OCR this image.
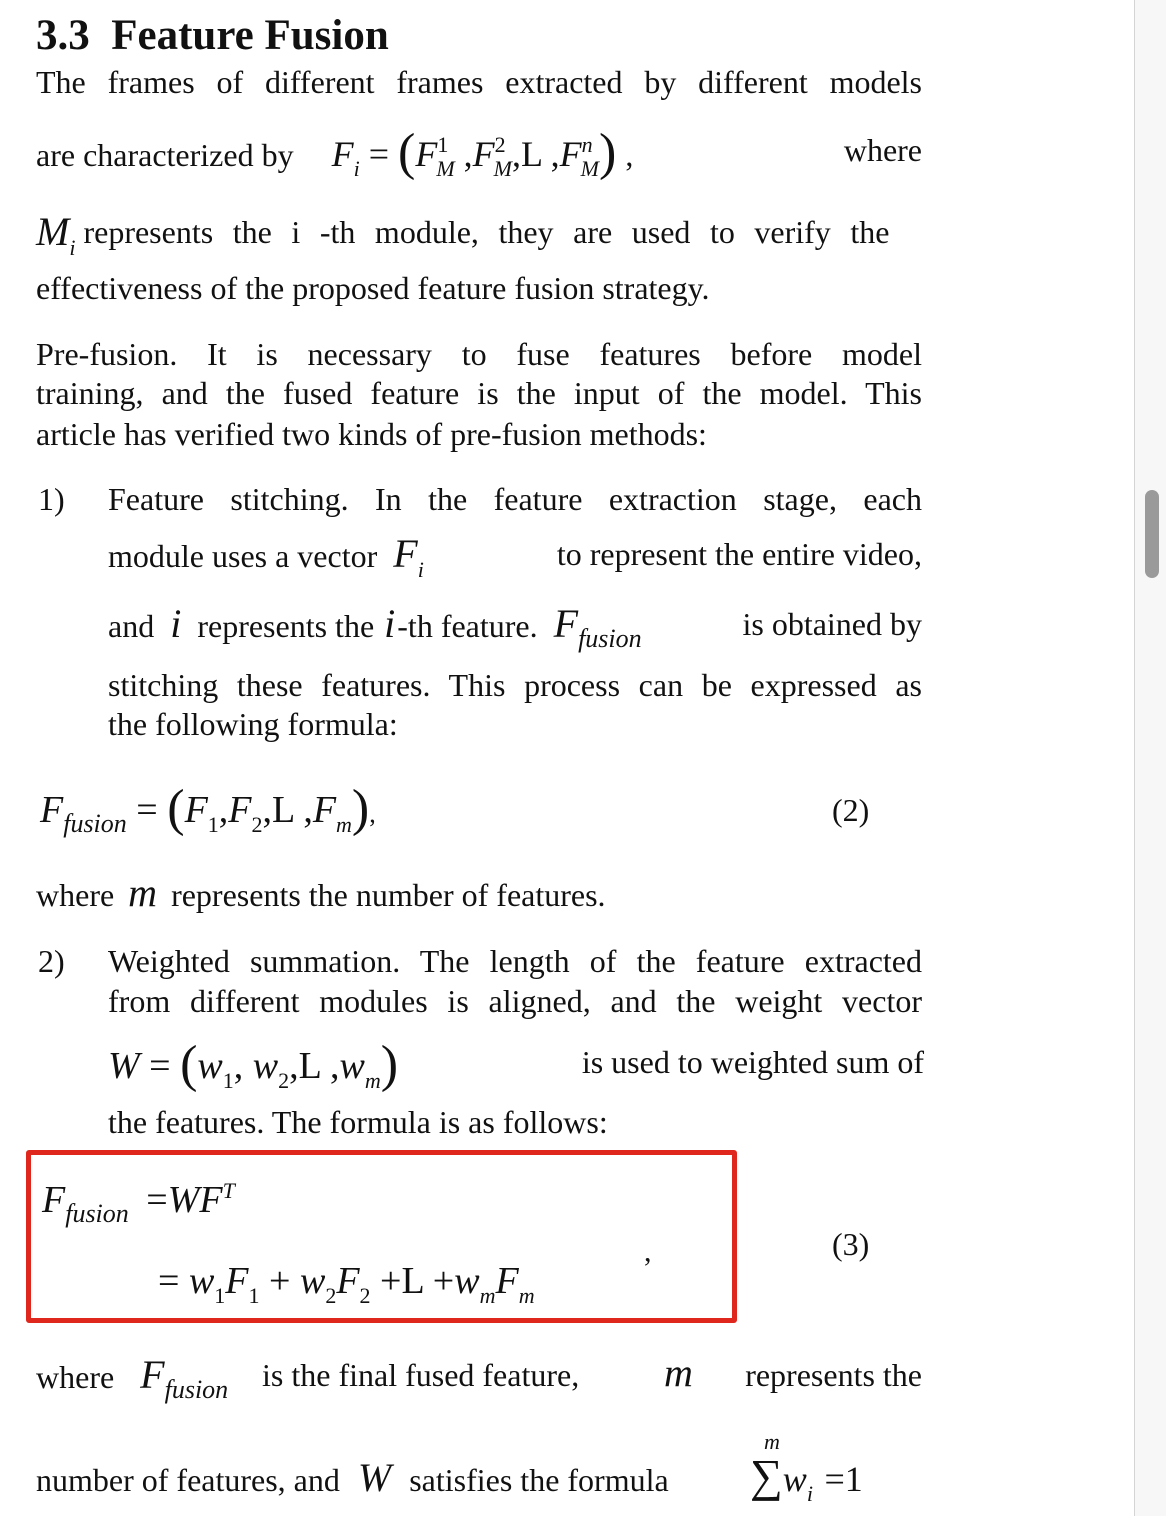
3.3 Feature Fusion
The frames of different frames extracted by different models
are characterized by $F_i = (F^1_M$ $,F^2_M,L$ $,F^n_M$) ,	where
$M_i$ represents the i -th module, they are used to verify the
effectiveness of the proposed feature fusion strategy.
Pre-fusion. It is necessary to fuse features before model
training, and the fused feature is the input of the model. This
article has verified two kinds of pre-fusion methods:
1) Feature stitching. In the feature extraction stage, each
module uses a vector $F_i$	to represent the entire video,
and i represents the i-th feature. $F_{fusion}$	is obtained by
stitching these features. This process can be expressed as
the following formula:
$F_{fusion} = (F_1,F_2,L$ $,F_m$),	(2)
where m represents the number of features.
2) Weighted summation. The length of the feature extracted
from different modules is aligned, and the weight vector
$W = (w_1$, $w_2,L$ $,w_m$)	is used to weighted sum of
the features. The formula is as follows:
$F_{fusion} =WF^T$
= $w_1F_1 + w_2F_2 +L +w_mF_m$
,	(3)
where $F_{fusion}$ is the final fused feature, m represents the
number of features, and W satisfies the formula
m
$\sum w_i =1$
